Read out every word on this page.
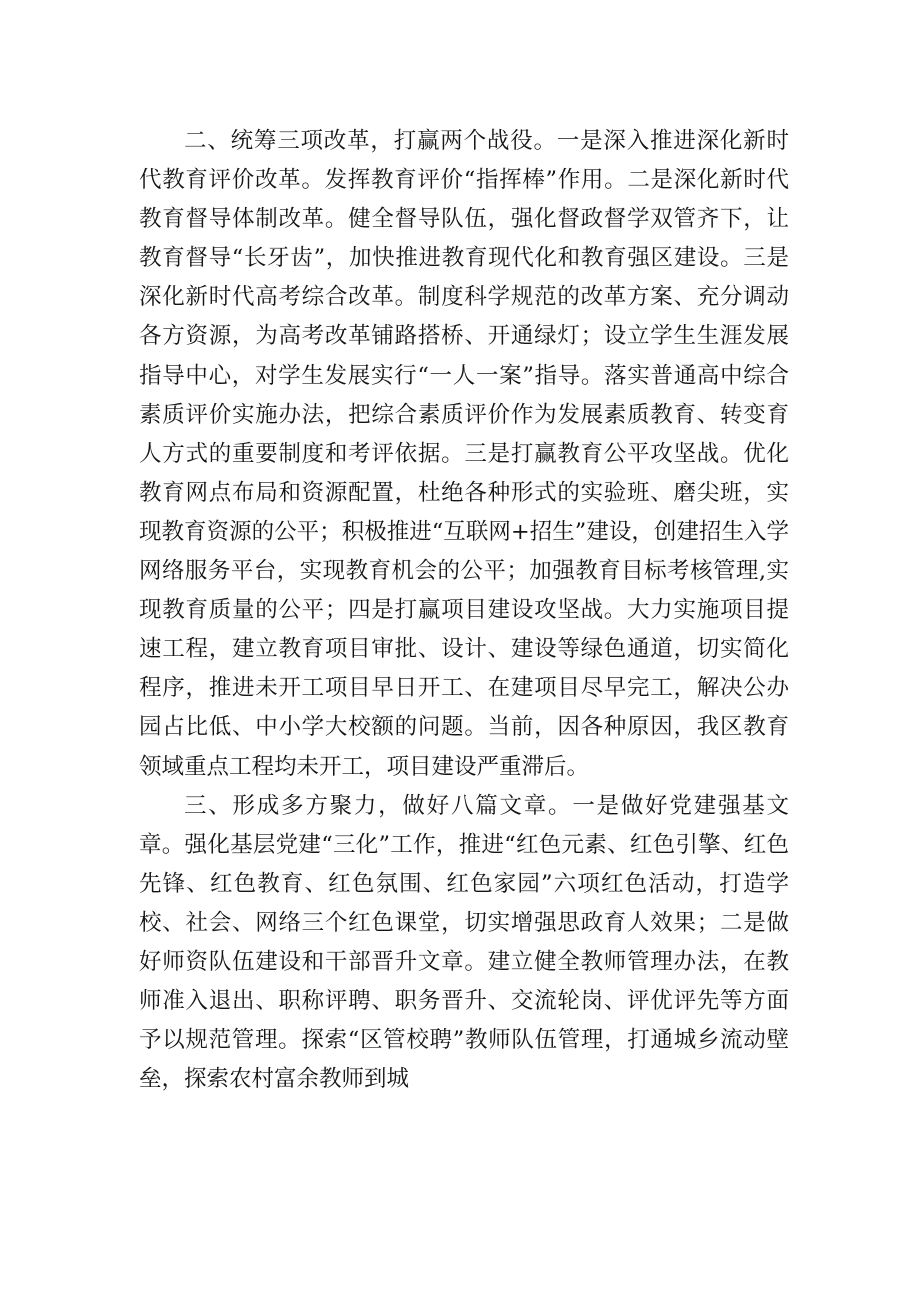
二、统筹三项改革，打赢两个战役。一是深入推进深化新时代教育评价改革。发挥教育评价“指挥棒”作用。二是深化新时代教育督导体制改革。健全督导队伍，强化督政督学双管齐下，让教育督导“长牙齿”，加快推进教育现代化和教育强区建设。三是深化新时代高考综合改革。制度科学规范的改革方案、充分调动各方资源，为高考改革铺路搭桥、开通绿灯；设立学生生涯发展指导中心，对学生发展实行“一人一案”指导。落实普通高中综合素质评价实施办法，把综合素质评价作为发展素质教育、转变育人方式的重要制度和考评依据。三是打赢教育公平攻坚战。优化教育网点布局和资源配置，杜绝各种形式的实验班、磨尖班，实现教育资源的公平；积极推进“互联网+招生”建设，创建招生入学网络服务平台，实现教育机会的公平；加强教育目标考核管理,实现教育质量的公平；四是打赢项目建设攻坚战。大力实施项目提速工程，建立教育项目审批、设计、建设等绿色通道，切实简化程序，推进未开工项目早日开工、在建项目尽早完工，解决公办园占比低、中小学大校额的问题。当前，因各种原因，我区教育领域重点工程均未开工，项目建设严重滞后。

三、形成多方聚力，做好八篇文章。一是做好党建强基文章。强化基层党建“三化”工作，推进“红色元素、红色引擎、红色先锋、红色教育、红色氛围、红色家园”六项红色活动，打造学校、社会、网络三个红色课堂，切实增强思政育人效果；二是做好师资队伍建设和干部晋升文章。建立健全教师管理办法，在教师准入退出、职称评聘、职务晋升、交流轮岗、评优评先等方面予以规范管理。探索“区管校聘”教师队伍管理，打通城乡流动壁垒，探索农村富余教师到城
